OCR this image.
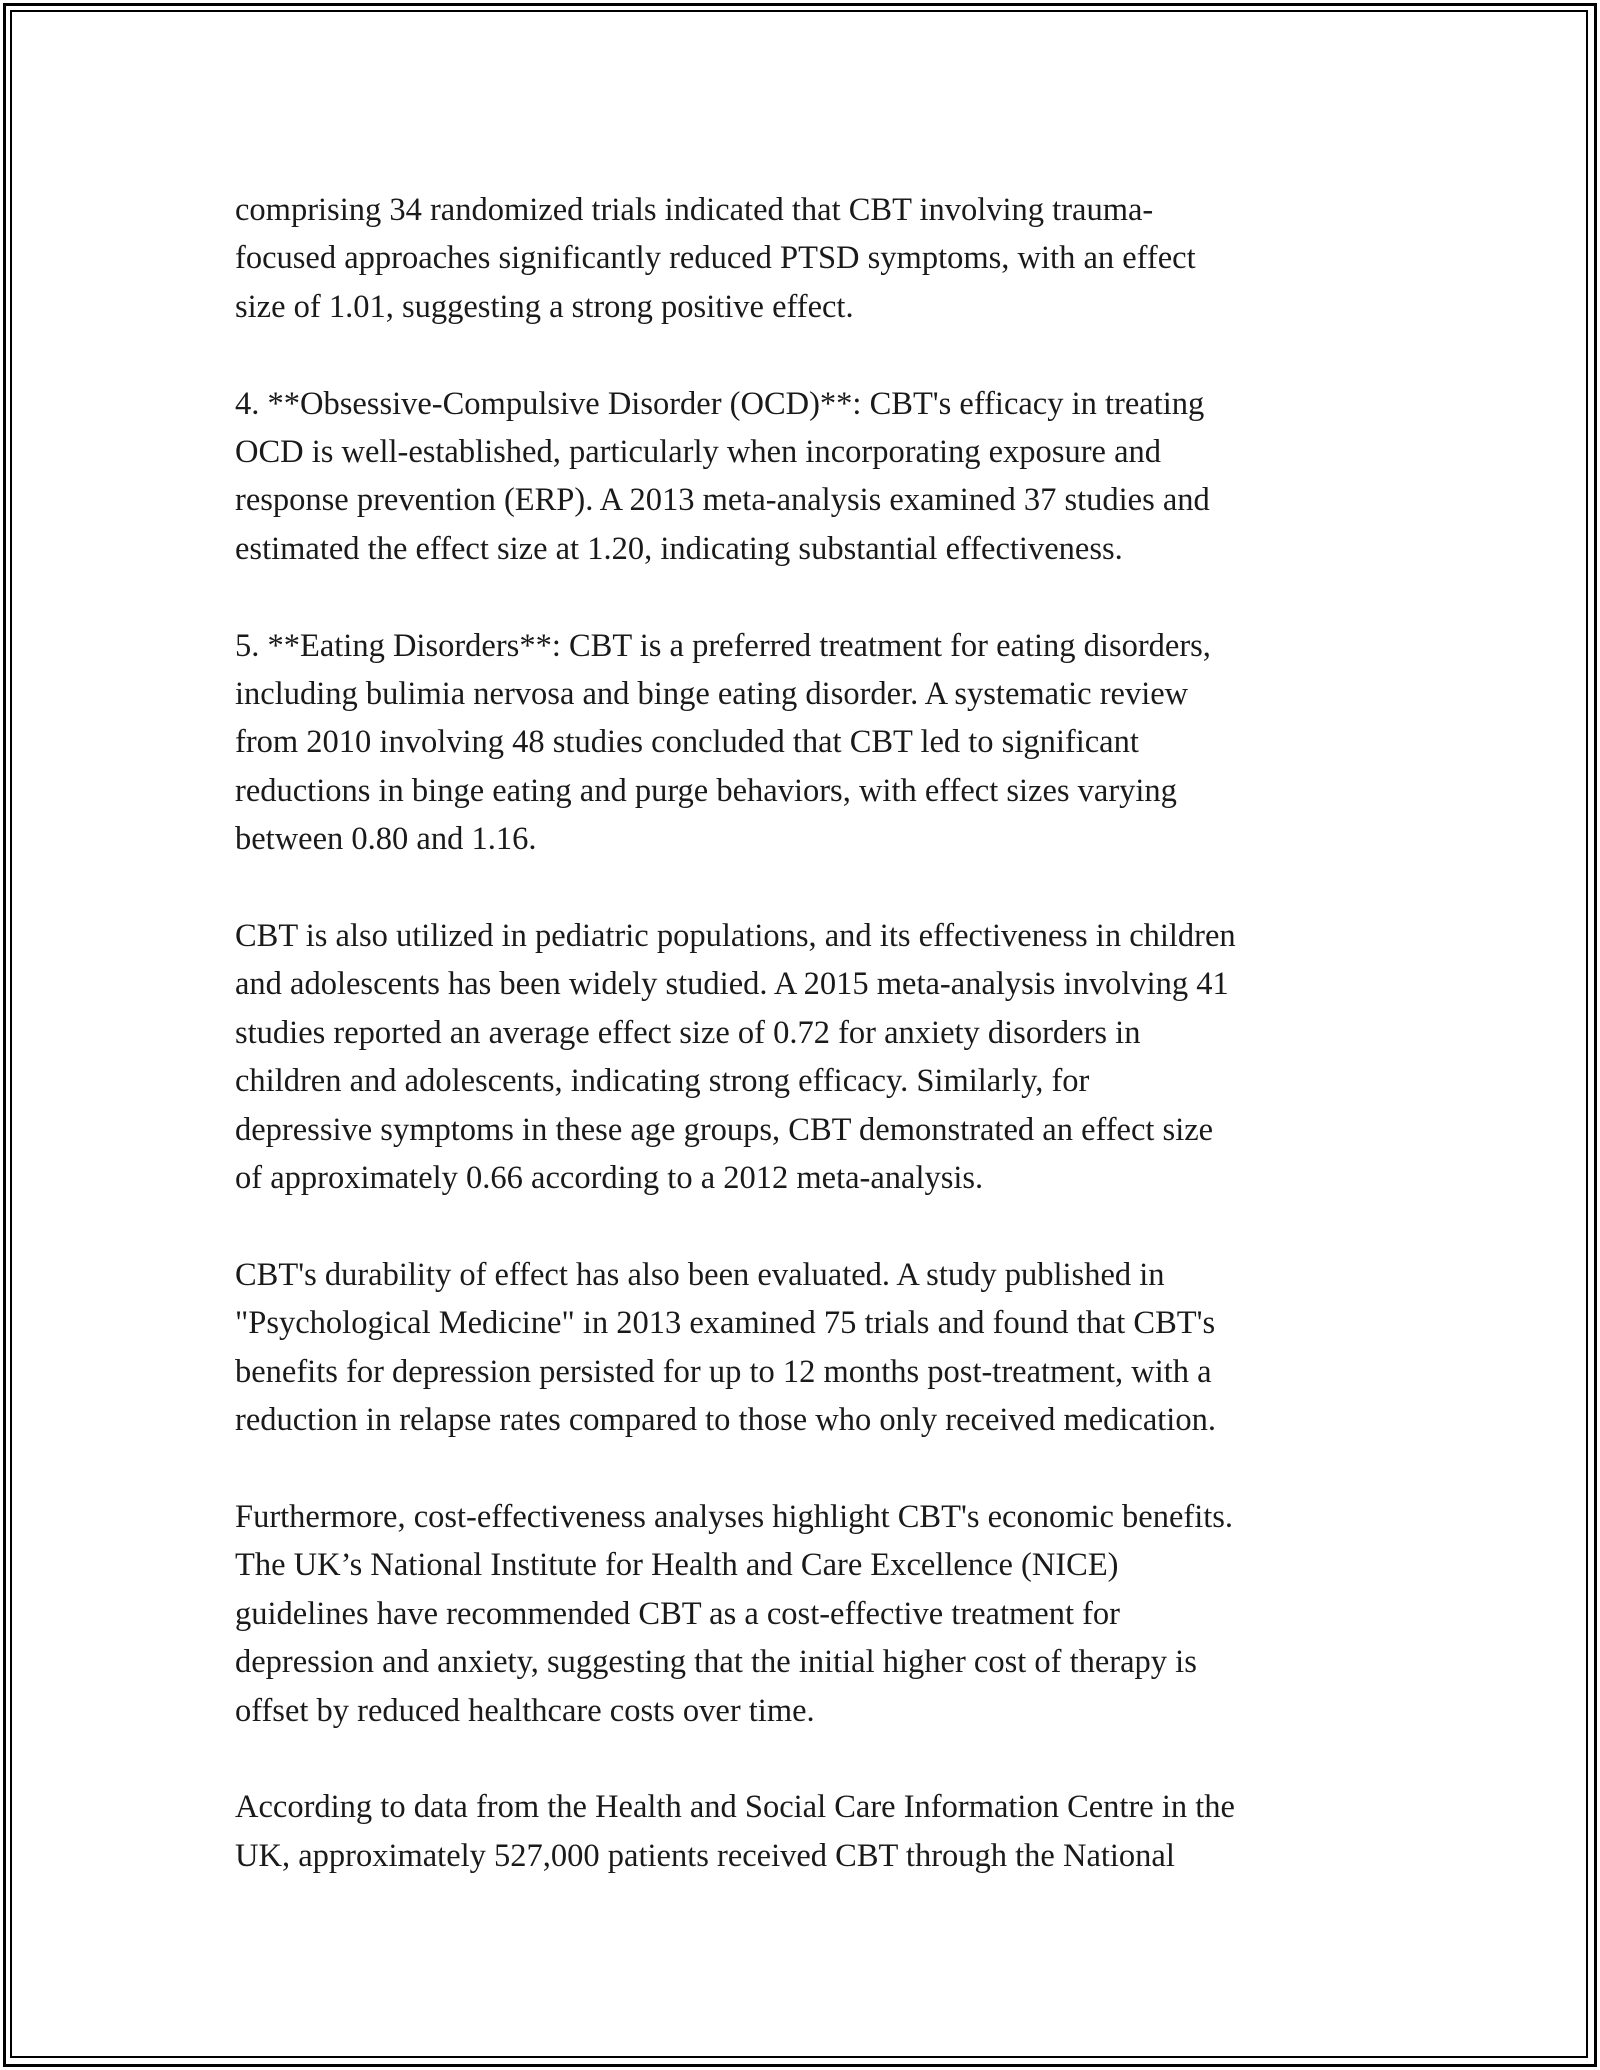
comprising 34 randomized trials indicated that CBT involving trauma-
focused approaches significantly reduced PTSD symptoms, with an effect
size of 1.01, suggesting a strong positive effect.

4. **Obsessive-Compulsive Disorder (OCD)**: CBT's efficacy in treating
OCD is well-established, particularly when incorporating exposure and
response prevention (ERP). A 2013 meta-analysis examined 37 studies and
estimated the effect size at 1.20, indicating substantial effectiveness.

5. **Eating Disorders**: CBT is a preferred treatment for eating disorders,
including bulimia nervosa and binge eating disorder. A systematic review
from 2010 involving 48 studies concluded that CBT led to significant
reductions in binge eating and purge behaviors, with effect sizes varying
between 0.80 and 1.16.

CBT is also utilized in pediatric populations, and its effectiveness in children
and adolescents has been widely studied. A 2015 meta-analysis involving 41
studies reported an average effect size of 0.72 for anxiety disorders in
children and adolescents, indicating strong efficacy. Similarly, for
depressive symptoms in these age groups, CBT demonstrated an effect size
of approximately 0.66 according to a 2012 meta-analysis.

CBT's durability of effect has also been evaluated. A study published in
"Psychological Medicine" in 2013 examined 75 trials and found that CBT's
benefits for depression persisted for up to 12 months post-treatment, with a
reduction in relapse rates compared to those who only received medication.

Furthermore, cost-effectiveness analyses highlight CBT's economic benefits.
The UK’s National Institute for Health and Care Excellence (NICE)
guidelines have recommended CBT as a cost-effective treatment for
depression and anxiety, suggesting that the initial higher cost of therapy is
offset by reduced healthcare costs over time.

According to data from the Health and Social Care Information Centre in the
UK, approximately 527,000 patients received CBT through the National
